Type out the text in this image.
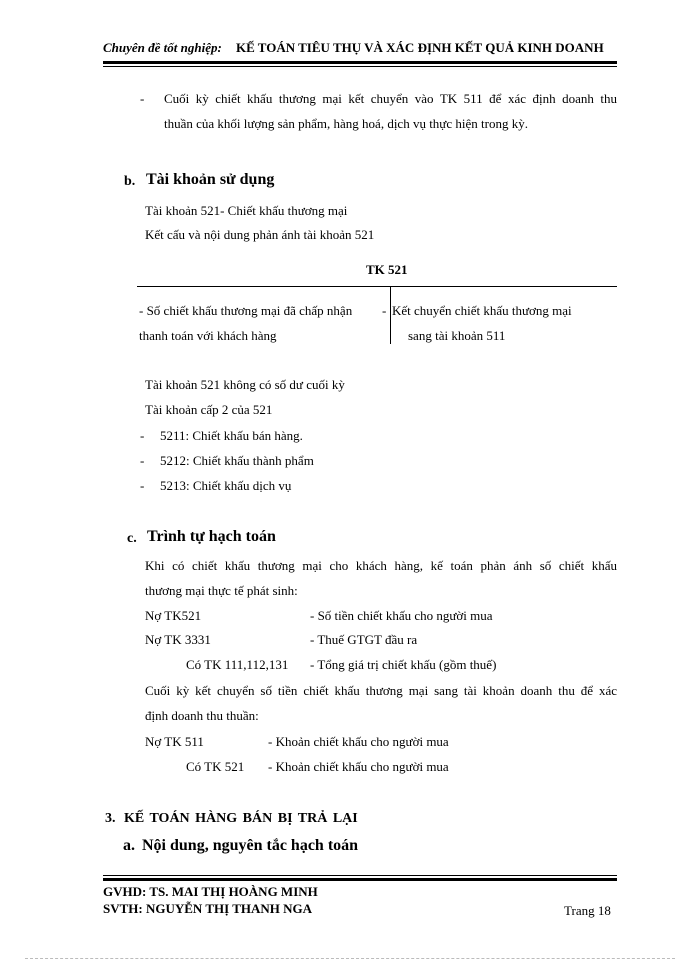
Chuyên đề tốt nghiệp: KẾ TOÁN TIÊU THỤ VÀ XÁC ĐỊNH KẾT QUẢ KINH DOANH
- Cuối kỳ chiết khấu thương mại kết chuyển vào TK 511 để xác định doanh thu
thuần của khối lượng sản phẩm, hàng hoá, dịch vụ thực hiện trong kỳ.
b. Tài khoản sử dụng
Tài khoản 521- Chiết khấu thương mại
Kết cấu và nội dung phản ánh tài khoản 521
TK 521
- Số chiết khấu thương mại đã chấp nhận
thanh toán với khách hàng
- Kết chuyển chiết khấu thương mại
sang tài khoản 511
Tài khoản 521 không có số dư cuối kỳ
Tài khoản cấp 2 của 521
- 5211: Chiết khấu bán hàng.
- 5212: Chiết khấu thành phẩm
- 5213: Chiết khấu dịch vụ
c. Trình tự hạch toán
Khi có chiết khấu thương mại cho khách hàng, kế toán phản ánh số chiết khấu
thương mại thực tế phát sinh:
Nợ TK521	- Số tiền chiết khấu cho người mua
Nợ TK 3331	- Thuế GTGT đầu ra
Có TK 111,112,131 - Tổng giá trị chiết khấu (gồm thuế)
Cuối kỳ kết chuyển số tiền chiết khấu thương mại sang tài khoản doanh thu để xác
định doanh thu thuần:
Nợ TK 511	- Khoản chiết khấu cho người mua
Có TK 521 - Khoản chiết khấu cho người mua
3. KẾ TOÁN HÀNG BÁN BỊ TRẢ LẠI
a. Nội dung, nguyên tắc hạch toán
GVHD: TS. MAI THỊ HOÀNG MINH
SVTH: NGUYỄN THỊ THANH NGA	Trang 18
